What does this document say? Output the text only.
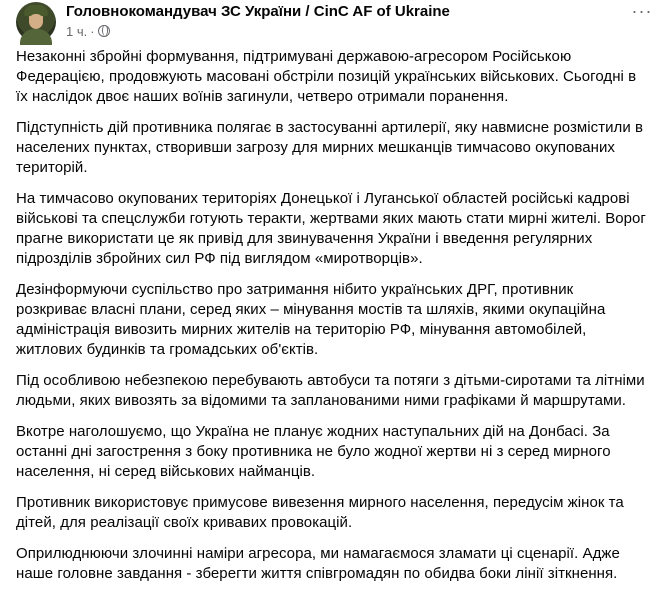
Головнокомандувач ЗС України / CinC AF of Ukraine
1 ч. ·
···

Незаконні збройні формування, підтримувані державою-агресором Російською Федерацією, продовжують масовані обстріли позицій українських військових. Сьогодні в їх наслідок двоє наших воїнів загинули, четверо отримали поранення.

Підступність дій противника полягає в застосуванні артилерії, яку навмисне розмістили в населених пунктах, створивши загрозу для мирних мешканців тимчасово окупованих територій.

На тимчасово окупованих територіях Донецької і Луганської областей російські кадрові військові та спецслужби готують теракти, жертвами яких мають стати мирні жителі. Ворог прагне використати це як привід для звинувачення України і введення регулярних підрозділів збройних сил РФ під виглядом «миротворців».

Дезінформуючи суспільство про затримання нібито українських ДРГ, противник розкриває власні плани, серед яких – мінування мостів та шляхів, якими окупаційна адміністрація вивозить мирних жителів на територію РФ, мінування автомобілей, житлових будинків та громадських об'єктів.

Під особливою небезпекою перебувають автобуси та потяги з дітьми-сиротами та літніми людьми, яких вивозять за відомими та запланованими ними графіками й маршрутами.

Вкотре наголошуємо, що Україна не планує жодних наступальних дій на Донбасі. За останні дні загострення з боку противника не було жодної жертви ні з серед мирного населення, ні серед військових найманців.

Противник використовує примусове вивезення мирного населення, передусім жінок та дітей, для реалізації своїх кривавих провокацій.

Оприлюднюючи злочинні наміри агресора, ми намагаємося зламати ці сценарії. Адже наше головне завдання - зберегти життя співгромадян по обидва боки лінії зіткнення.
